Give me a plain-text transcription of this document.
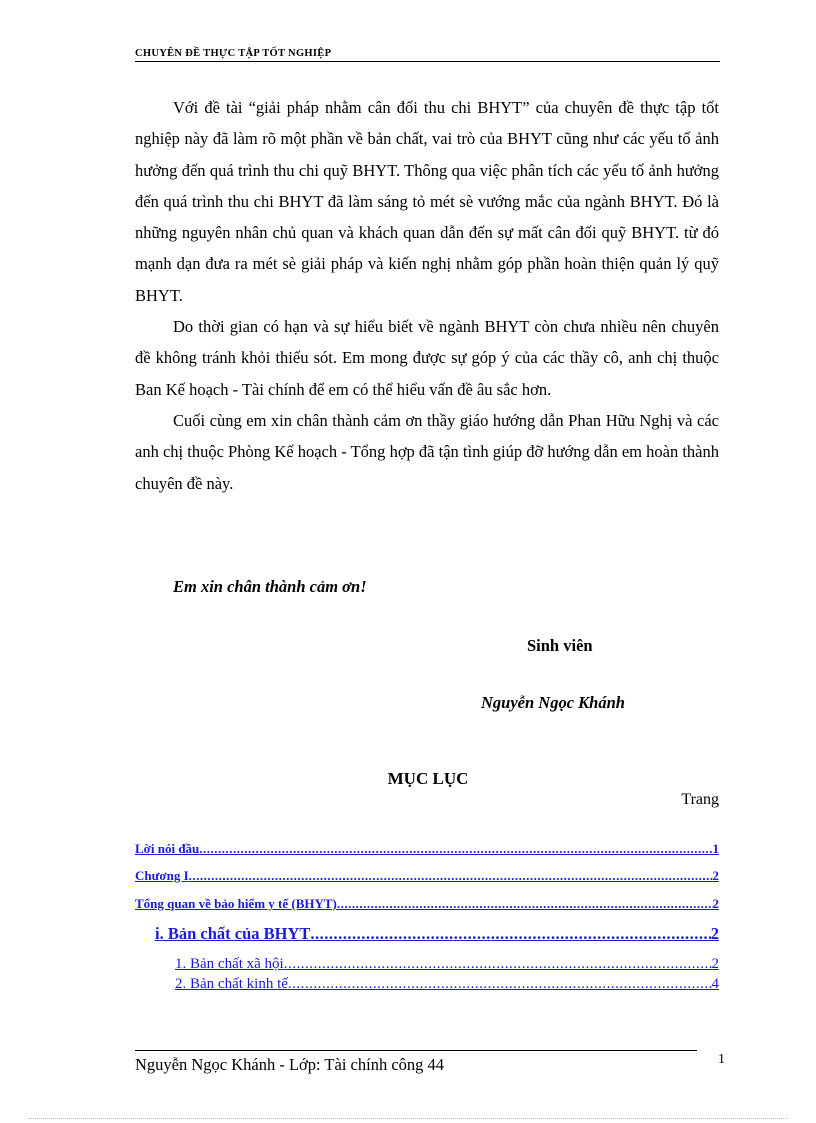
CHUYÊN ĐỀ THỰC TẬP TỐT NGHIỆP

Với đề tài “giải pháp nhằm cân đối thu chi BHYT” của chuyên đề thực tập tốt nghiệp này đã làm rõ một phần về bản chất, vai trò của BHYT cũng như các yếu tố ảnh hưởng đến quá trình thu chi quỹ BHYT. Thông qua việc phân tích các yếu tố ảnh hưởng đến quá trình thu chi BHYT đã làm sáng tỏ mét sè vướng mắc của ngành BHYT. Đó là những nguyên nhân chủ quan và khách quan dẫn đến sự mất cân đối quỹ BHYT. từ đó mạnh dạn đưa ra mét sè giải pháp và kiến nghị nhằm góp phần hoàn thiện quản lý quỹ BHYT.

Do thời gian có hạn và sự hiểu biết về ngành BHYT còn chưa nhiều nên chuyên đề không tránh khỏi thiếu sót. Em mong được sự góp ý của các thầy cô, anh chị thuộc Ban Kế hoạch - Tài chính để em có thể hiểu vấn đề âu sắc hơn.

Cuối cùng em xin chân thành cảm ơn thầy giáo hướng dẫn Phan Hữu Nghị và các anh chị thuộc Phòng Kế hoạch - Tổng hợp đã tận tình giúp đỡ hướng dẫn em hoàn thành chuyên đề này.

Em xin chân thành cảm ơn!
Sinh viên
Nguyễn Ngọc Khánh
MỤC LỤC
Trang
Lời nói đầu .....	1
Chương I .....	2
Tổng quan về bảo hiểm y tế (BHYT) .....	2
i. Bản chất của BHYT .....	2
1. Bản chất xã hội .....	2
2. Bản chất kinh tế .....	4
Nguyễn Ngọc Khánh - Lớp: Tài chính công 44	1
